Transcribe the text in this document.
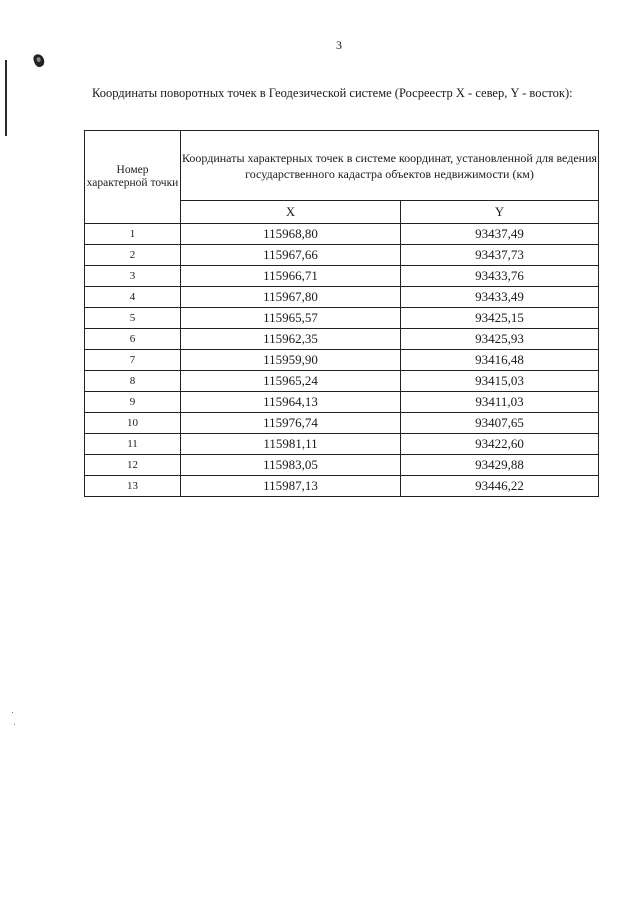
3
Координаты поворотных точек в Геодезической системе (Росреестр X - север, Y - восток):
Номер характерной точки	Координаты характерных точек в системе координат, установленной для ведения государственного кадастра объектов недвижимости (км)	
	X	Y
1	115968,80	93437,49
2	115967,66	93437,73
3	115966,71	93433,76
4	115967,80	93433,49
5	115965,57	93425,15
6	115962,35	93425,93
7	115959,90	93416,48
8	115965,24	93415,03
9	115964,13	93411,03
10	115976,74	93407,65
11	115981,11	93422,60
12	115983,05	93429,88
13	115987,13	93446,22
